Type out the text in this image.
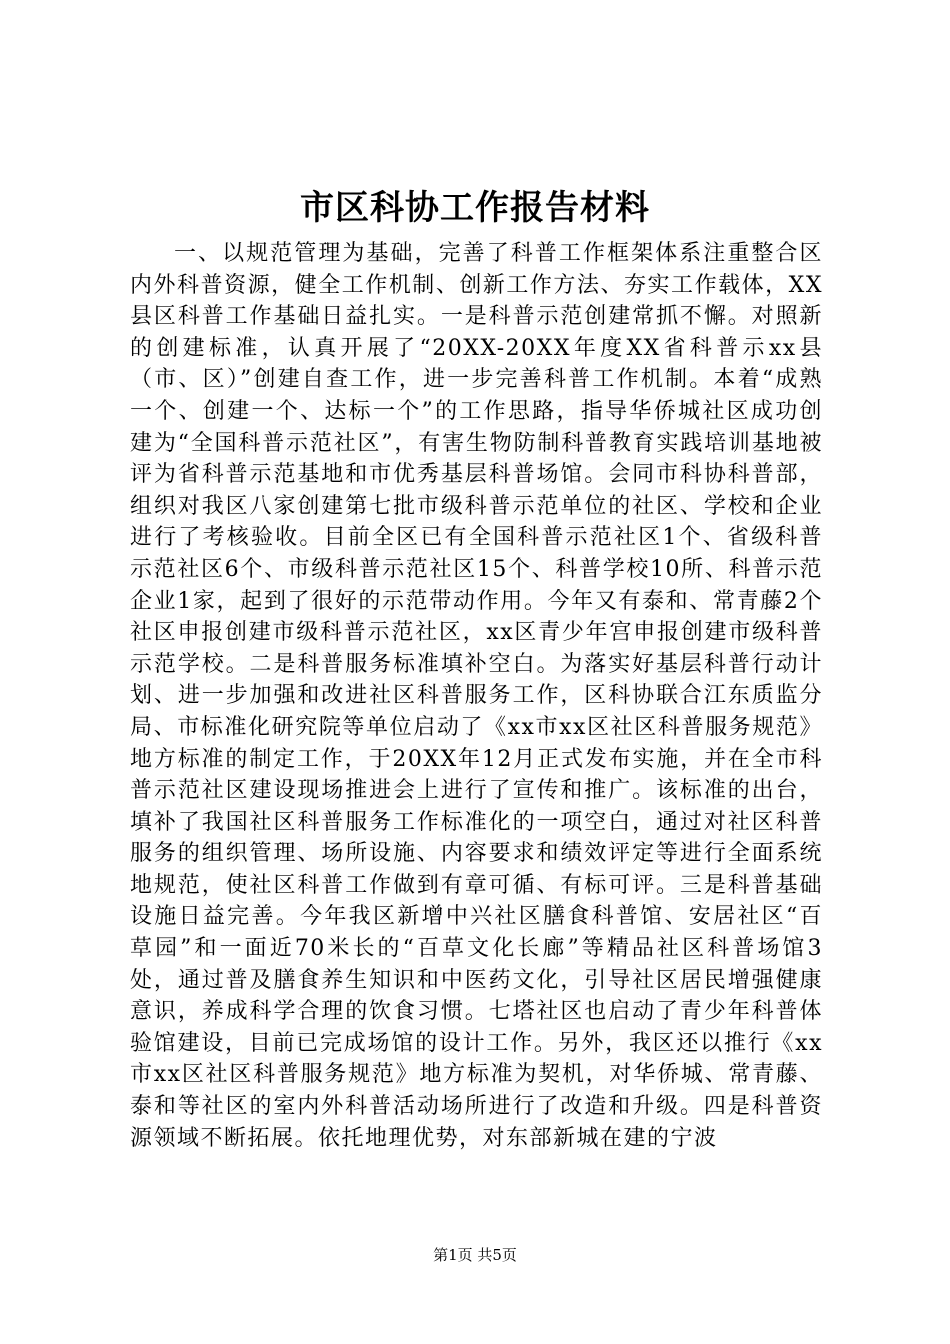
市区科协工作报告材料

一、以规范管理为基础，完善了科普工作框架体系注重整合区内外科普资源，健全工作机制、创新工作方法、夯实工作载体，XX县区科普工作基础日益扎实。一是科普示范创建常抓不懈。对照新的创建标准，认真开展了“20XX-20XX年度XX省科普示xx县（市、区）”创建自查工作，进一步完善科普工作机制。本着“成熟一个、创建一个、达标一个”的工作思路，指导华侨城社区成功创建为“全国科普示范社区”，有害生物防制科普教育实践培训基地被评为省科普示范基地和市优秀基层科普场馆。会同市科协科普部，组织对我区八家创建第七批市级科普示范单位的社区、学校和企业进行了考核验收。目前全区已有全国科普示范社区1个、省级科普示范社区6个、市级科普示范社区15个、科普学校10所、科普示范企业1家，起到了很好的示范带动作用。今年又有泰和、常青藤2个社区申报创建市级科普示范社区，xx区青少年宫申报创建市级科普示范学校。二是科普服务标准填补空白。为落实好基层科普行动计划、进一步加强和改进社区科普服务工作，区科协联合江东质监分局、市标准化研究院等单位启动了《xx市xx区社区科普服务规范》地方标准的制定工作，于20XX年12月正式发布实施，并在全市科普示范社区建设现场推进会上进行了宣传和推广。该标准的出台，填补了我国社区科普服务工作标准化的一项空白，通过对社区科普服务的组织管理、场所设施、内容要求和绩效评定等进行全面系统地规范，使社区科普工作做到有章可循、有标可评。三是科普基础设施日益完善。今年我区新增中兴社区膳食科普馆、安居社区“百草园”和一面近70米长的“百草文化长廊”等精品社区科普场馆3处，通过普及膳食养生知识和中医药文化，引导社区居民增强健康意识，养成科学合理的饮食习惯。七塔社区也启动了青少年科普体验馆建设，目前已完成场馆的设计工作。另外，我区还以推行《xx市xx区社区科普服务规范》地方标准为契机，对华侨城、常青藤、泰和等社区的室内外科普活动场所进行了改造和升级。四是科普资源领域不断拓展。依托地理优势，对东部新城在建的宁波

第1页 共5页
